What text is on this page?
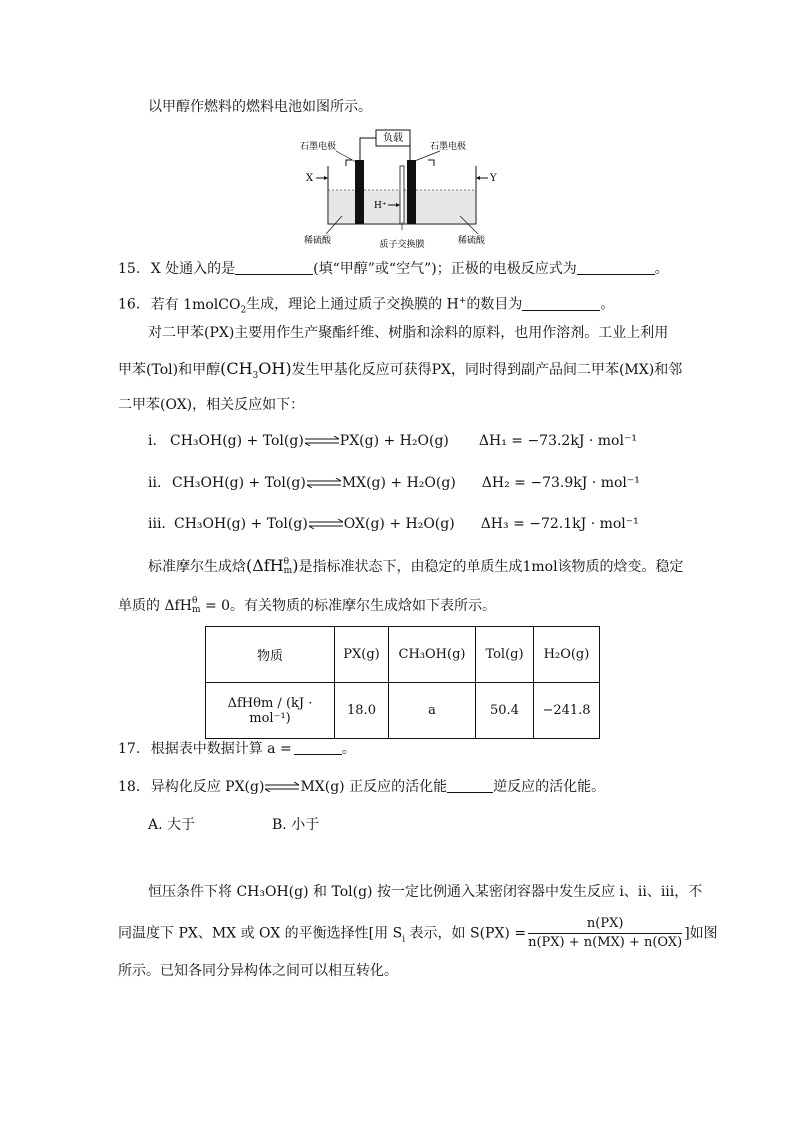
以甲醇作燃料的燃料电池如图所示。
负载
石墨电极	石墨电极
X	Y
H⁺
稀硫酸	质子交换膜	稀硫酸
15. X 处通入的是	(填“甲醇”或“空气”)；正极的电极反应式为	。
16. 若有 1molCO$_2$生成，理论上通过质子交换膜的 H+的数目为	。
对二甲苯(PX)主要用作生产聚酯纤维、树脂和涂料的原料，也用作溶剂。工业上利用
甲苯(Tol)和甲醇$(CH_3OH)$发生甲基化反应可获得PX，同时得到副产品间二甲苯(MX)和邻
二甲苯(OX)，相关反应如下：
i. CH₃OH(g) + Tol(g)⇌PX(g) + H₂O(g) ΔH₁ = −73.2kJ · mol⁻¹
ii. CH₃OH(g) + Tol(g)⇌MX(g) + H₂O(g) ΔH₂ = −73.9kJ · mol⁻¹
iii. CH₃OH(g) + Tol(g)⇌OX(g) + H₂O(g) ΔH₃ = −72.1kJ · mol⁻¹
标准摩尔生成焓(ΔfH θ
m )是指标准状态下，由稳定的单质生成1mol该物质的焓变。稳定
单质的 ΔfH θ
m = 0。有关物质的标准摩尔生成焓如下表所示。
物质	PX(g)	CH₃OH(g)	Tol(g)	H₂O(g)
ΔfHθm / (kJ · mol⁻¹)	18.0	a	50.4	−241.8
17. 根据表中数据计算 a =	。
18. 异构化反应 PX(g)⇌MX(g) 正反应的活化能	逆反应的活化能。
A. 大于	B. 小于
恒压条件下将 CH₃OH(g) 和 Tol(g) 按一定比例通入某密闭容器中发生反应 i、ii、iii，不
同温度下 PX、MX 或 OX 的平衡选择性[用 $S_i$ 表示，如 $S(PX) = \frac{n(PX)}{n(PX) + n(MX) + n(OX)}$ ]如图
所示。已知各同分异构体之间可以相互转化。
